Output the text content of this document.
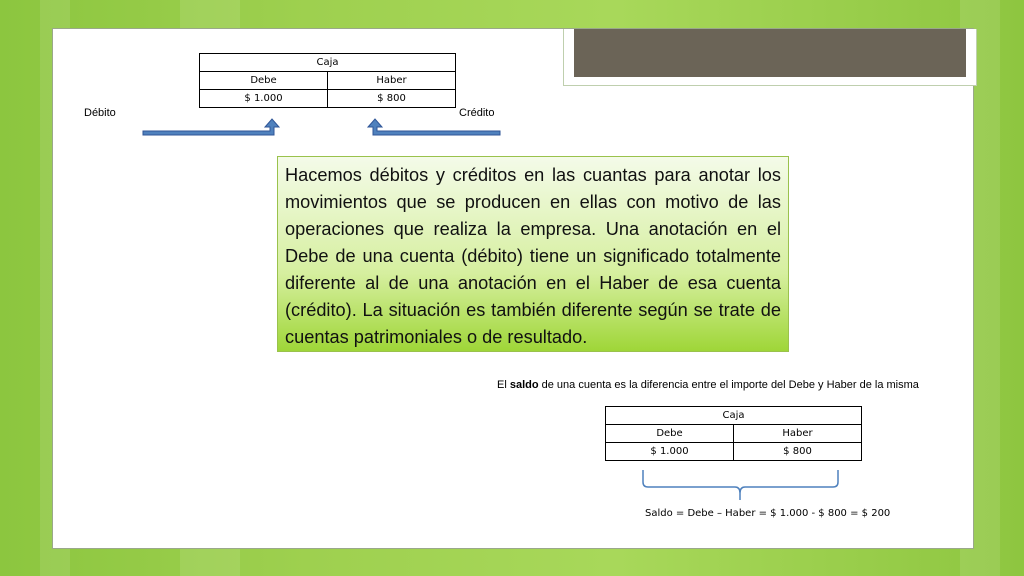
Caja	
Debe	Haber
$ 1.000	$ 800
Débito	Crédito
Caja	
Debe	Haber
$ 1.000	$ 800
Hacemos débitos y créditos en las cuantas para anotar los movimientos que se producen en ellas con motivo de las operaciones que realiza la empresa. Una anotación en el Debe de una cuenta (débito) tiene un significado totalmente diferente al de una anotación en el Haber de esa cuenta (crédito). La situación es también diferente según se trate de cuentas patrimoniales o de resultado.
El saldo de una cuenta es la diferencia entre el importe del Debe y Haber de la misma
Saldo = Debe – Haber = $ 1.000 - $ 800 = $ 200
